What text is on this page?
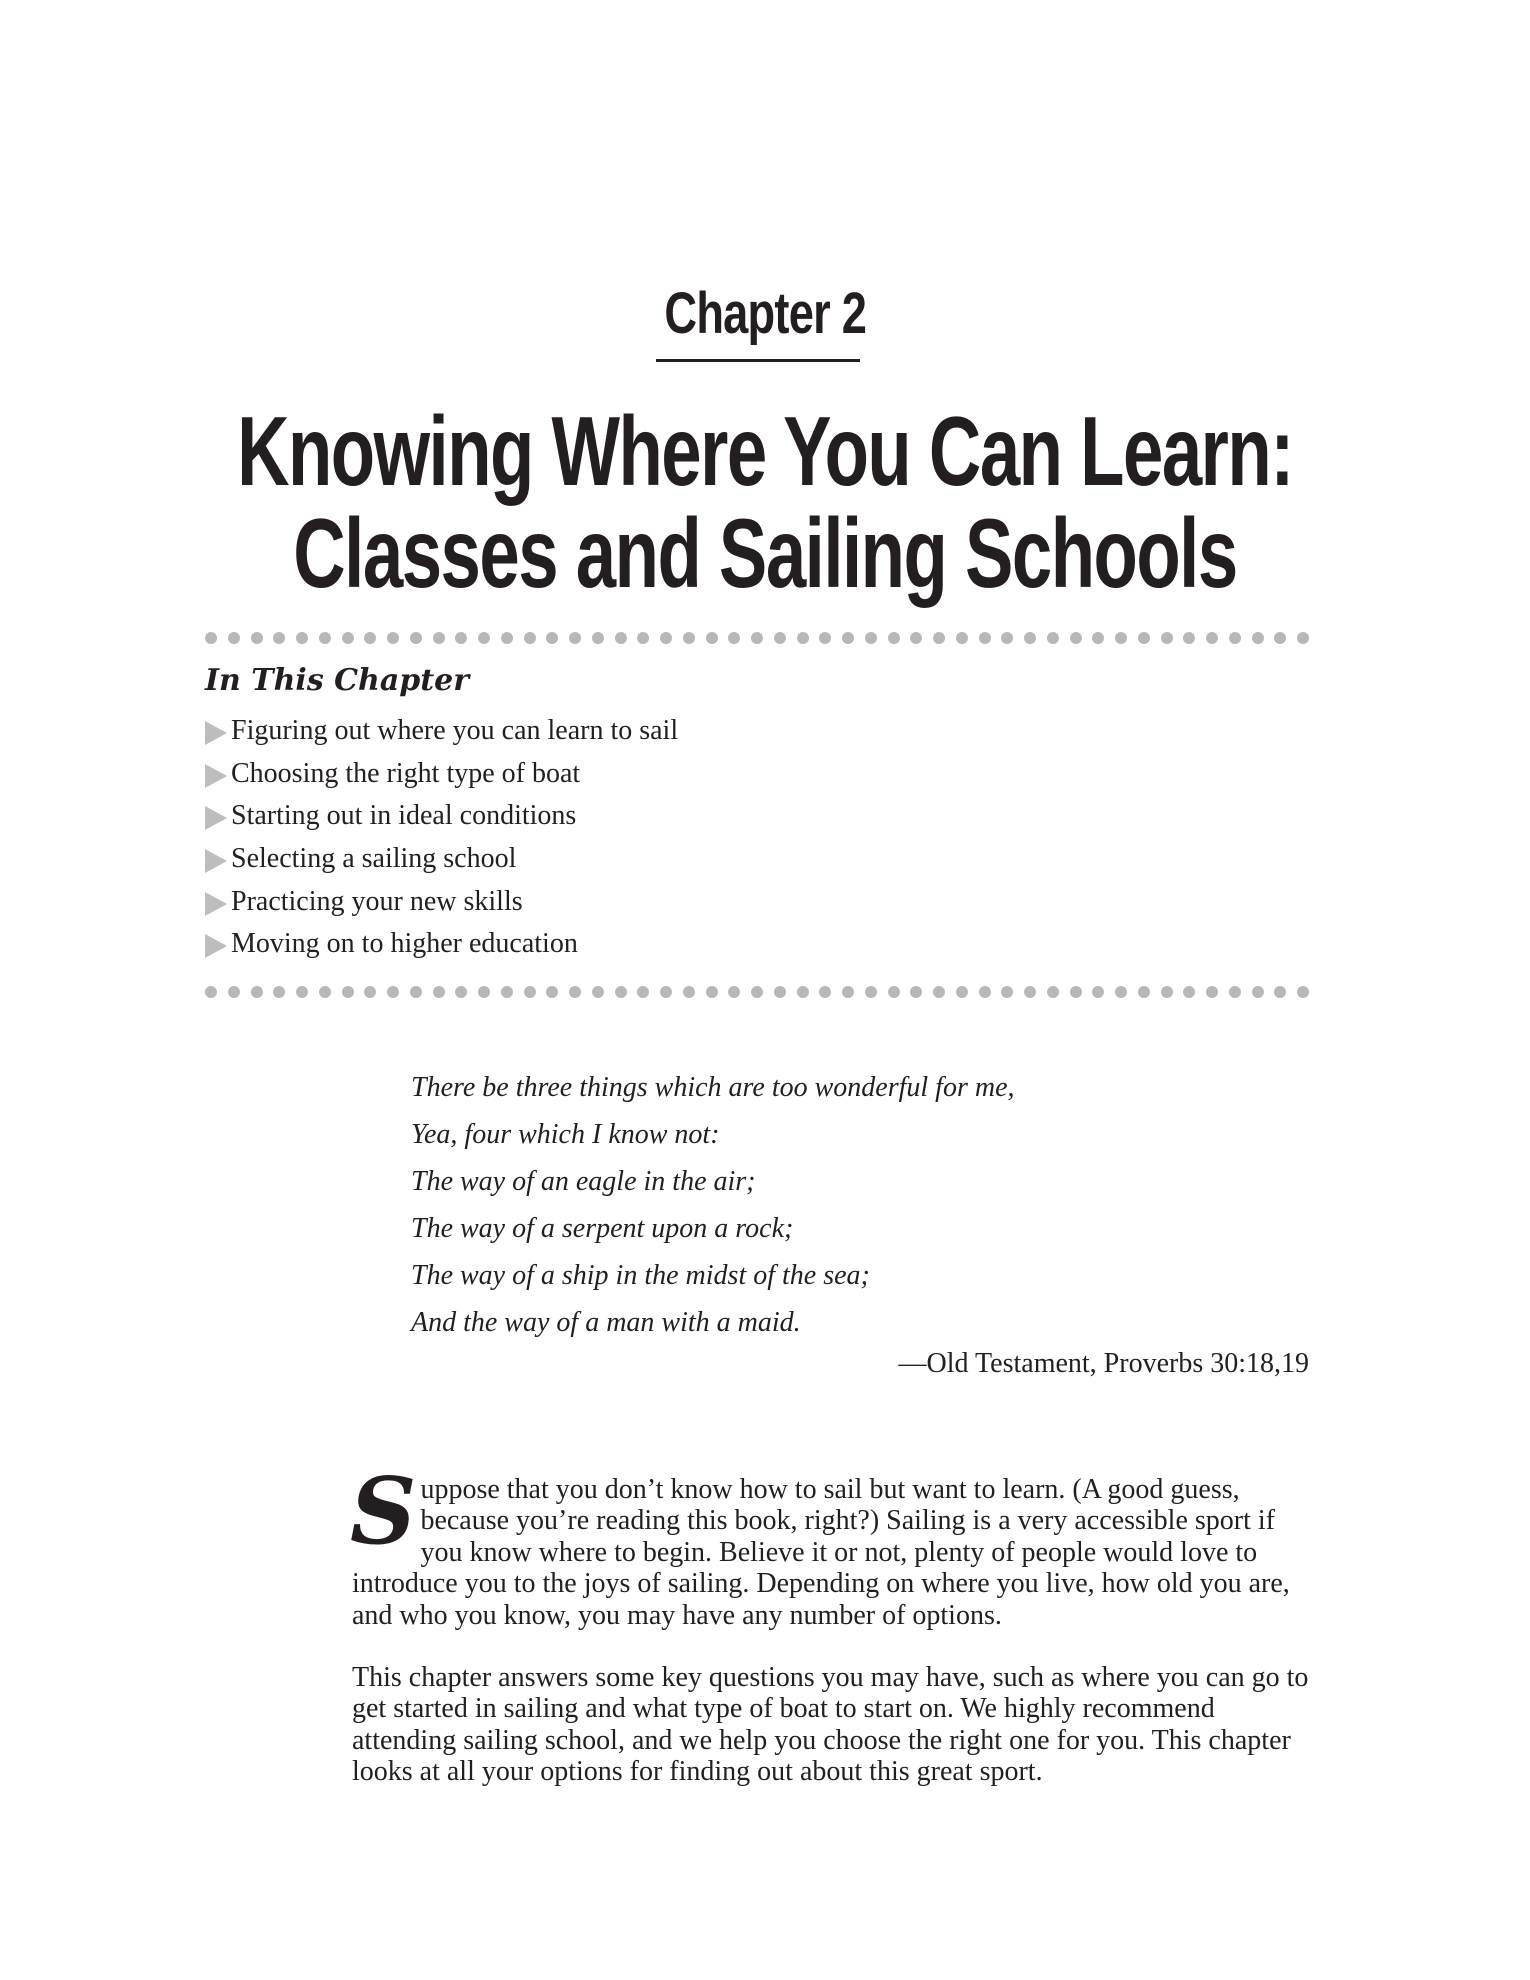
Chapter 2
Knowing Where You Can Learn:
Classes and Sailing Schools
In This Chapter
Figuring out where you can learn to sail
Choosing the right type of boat
Starting out in ideal conditions
Selecting a sailing school
Practicing your new skills
Moving on to higher education
There be three things which are too wonderful for me,
Yea, four which I know not:
The way of an eagle in the air;
The way of a serpent upon a rock;
The way of a ship in the midst of the sea;
And the way of a man with a maid.
—Old Testament, Proverbs 30:18,19
Suppose that you don’t know how to sail but want to learn. (A good guess, because you’re reading this book, right?) Sailing is a very accessible sport if you know where to begin. Believe it or not, plenty of people would love to introduce you to the joys of sailing. Depending on where you live, how old you are, and who you know, you may have any number of options.
This chapter answers some key questions you may have, such as where you can go to get started in sailing and what type of boat to start on. We highly recommend attending sailing school, and we help you choose the right one for you. This chapter looks at all your options for finding out about this great sport.
